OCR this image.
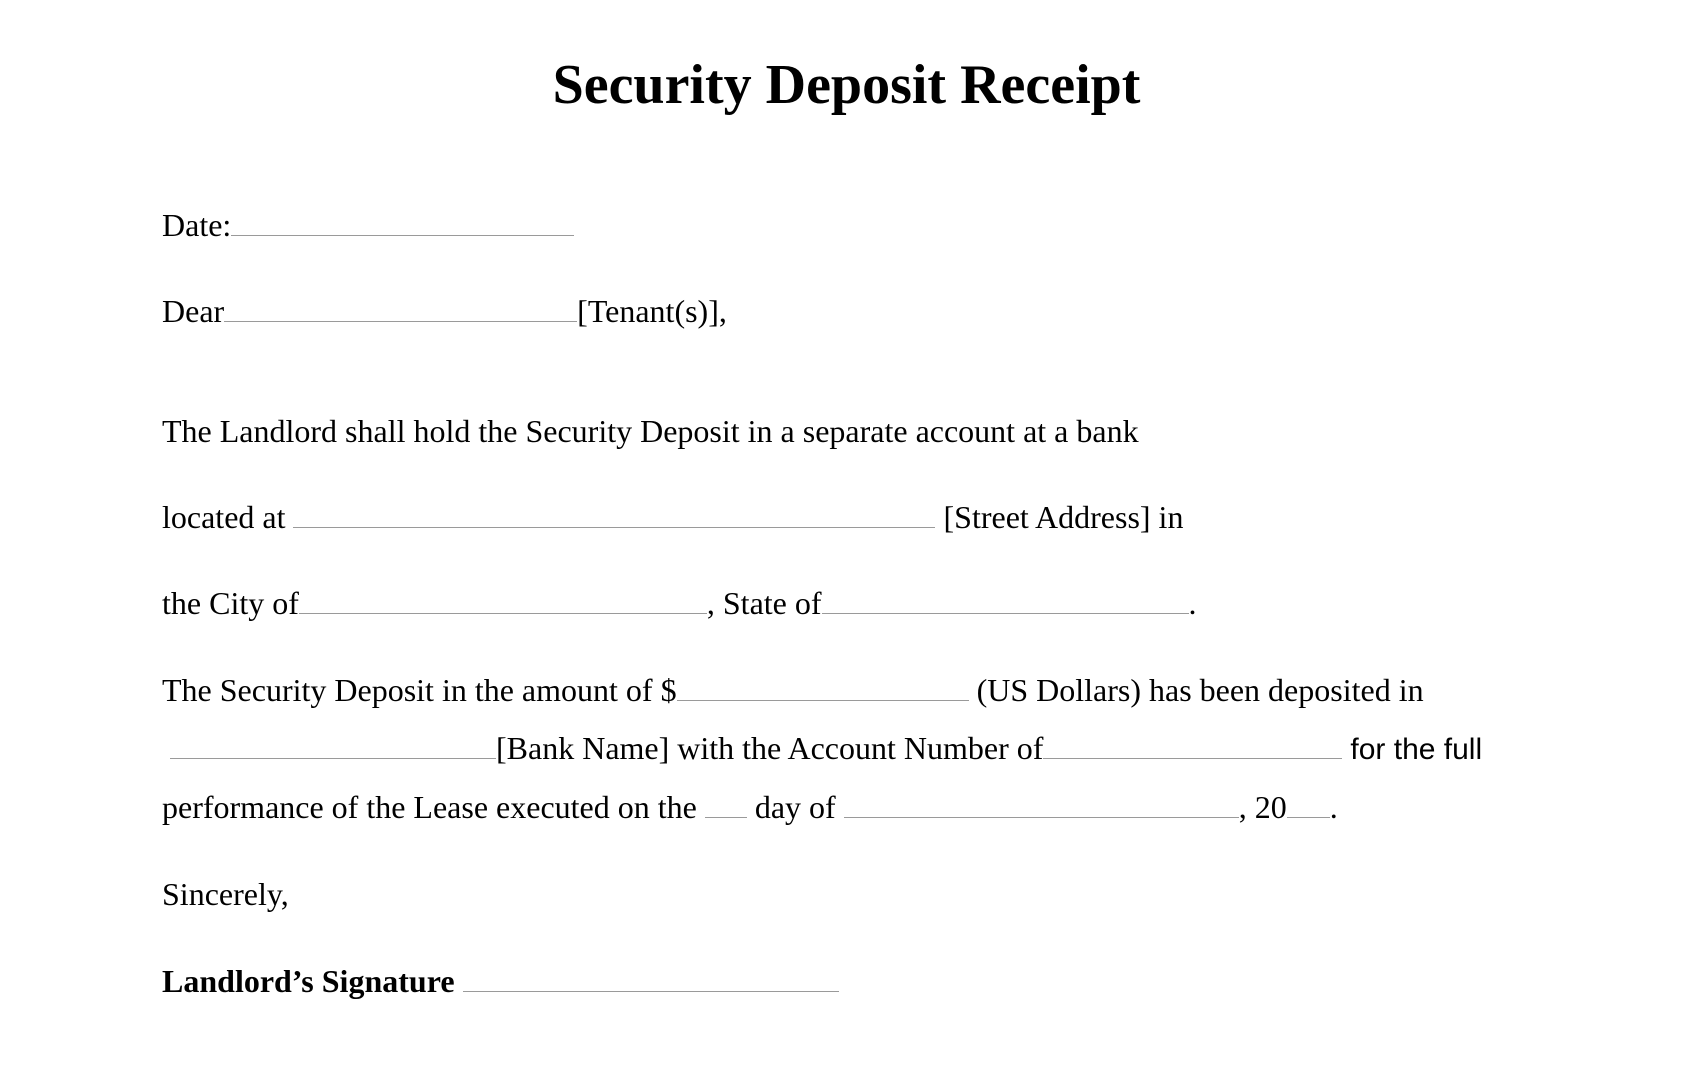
Security Deposit Receipt
Date:
Dear	[Tenant(s)],
The Landlord shall hold the Security Deposit in a separate account at a bank
located at	[Street Address] in
the City of	, State of	.
The Security Deposit in the amount of $	(US Dollars) has been deposited in
[Bank Name] with the Account Number of	for the full
performance of the Lease executed on the day of	, 20 .
Sincerely,
Landlord’s Signature
